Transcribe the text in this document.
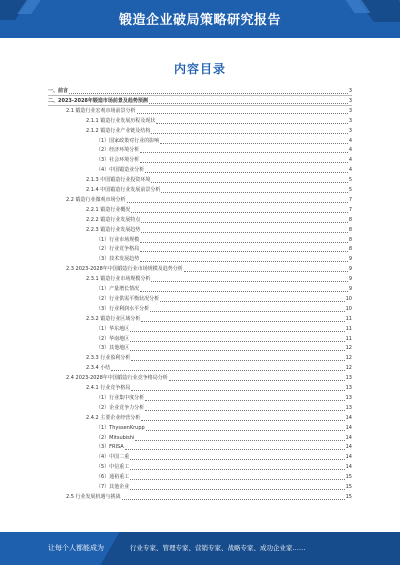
锻造企业破局策略研究报告
内容目录
一、前言	3
二、2023-2028年锻造市场前景及趋势预测	3
2.1 锻造行业宏观市场前景分析	3
2.1.1 锻造行业发展历程及现状	3
2.1.2 锻造行业产业链及结构	3
（1）国家政策对行业的影响	4
（2）经济环境分析	4
（3）社会环境分析	4
（4）中国锻造业分析	4
2.1.3 中国锻造行业投资环境	5
2.1.4 中国锻造行业发展前景分析	5
2.2 锻造行业微观市场分析	7
2.2.1 锻造行业概况	7
2.2.2 锻造行业发展特点	8
2.2.3 锻造行业发展趋势	8
（1）行业市场规模	8
（2）行业竞争格局	8
（3）技术发展趋势	9
2.3 2023-2028年中国锻造行业市场规模及趋势分析	9
2.3.1 锻造行业市场规模分析	9
（1）产量增长情况	9
（2）行业供需平衡状况分析	10
（3）行业利润水平分析	10
2.3.2 锻造行业区域分析	11
（1）华东地区	11
（2）华南地区	11
（3）其他地区	12
2.3.3 行业盈利分析	12
2.3.4 小结	12
2.4 2023-2028年中国锻造行业竞争格局分析	13
2.4.1 行业竞争格局	13
（1）行业集中度分析	13
（2）企业竞争力分析	13
2.4.2 主要企业经营分析	14
（1）ThyssenKrupp	14
（2）Mitsubishi	14
（3）FRISA	14
（4）中国二重	14
（5）中信重工	14
（6）通裕重工	15
（7）其他企业	15
2.5 行业发展机遇与挑战	15
让每个人都能成为	行业专家、管理专家、营销专家、战略专家、成功企业家……
